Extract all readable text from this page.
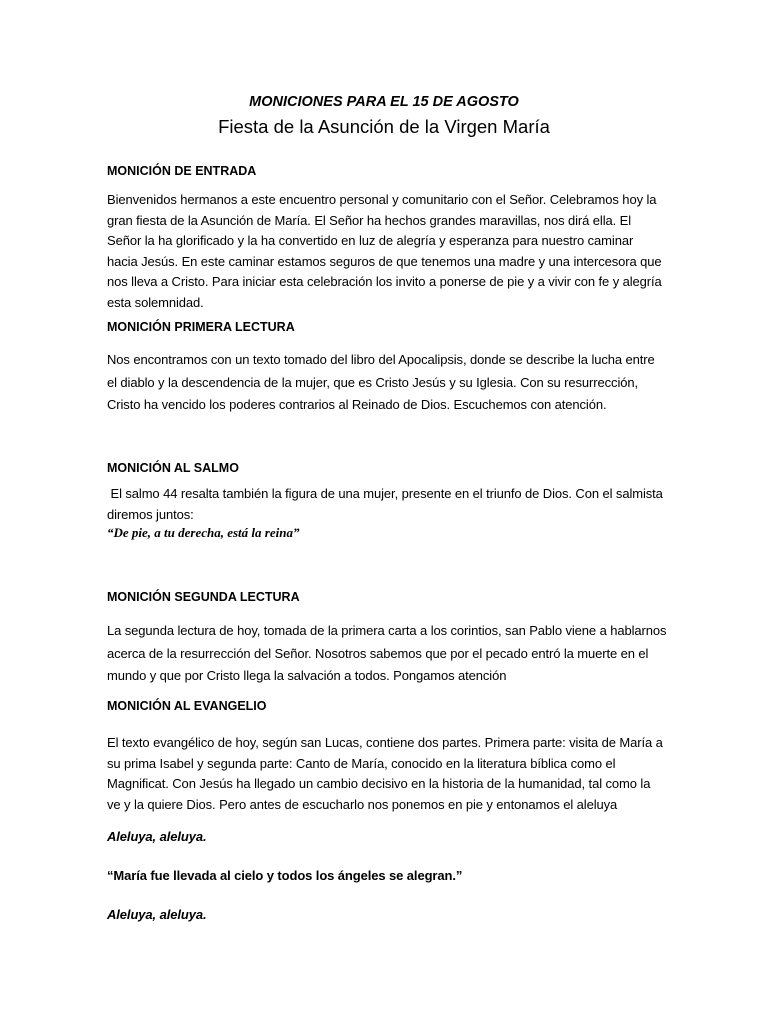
MONICIONES PARA EL 15 DE AGOSTO
Fiesta de la Asunción de la Virgen María

MONICIÓN DE ENTRADA

Bienvenidos hermanos a este encuentro personal y comunitario con el Señor. Celebramos hoy la gran fiesta de la Asunción de María. El Señor ha hechos grandes maravillas, nos dirá ella. El Señor la ha glorificado y la ha convertido en luz de alegría y esperanza para nuestro caminar hacia Jesús. En este caminar estamos seguros de que tenemos una madre y una intercesora que nos lleva a Cristo. Para iniciar esta celebración los invito a ponerse de pie y a vivir con fe y alegría esta solemnidad.

MONICIÓN PRIMERA LECTURA

Nos encontramos con un texto tomado del libro del Apocalipsis, donde se describe la lucha entre el diablo y la descendencia de la mujer, que es Cristo Jesús y su Iglesia. Con su resurrección, Cristo ha vencido los poderes contrarios al Reinado de Dios. Escuchemos con atención.

MONICIÓN AL SALMO

El salmo 44 resalta también la figura de una mujer, presente en el triunfo de Dios. Con el salmista diremos juntos:

“De pie, a tu derecha, está la reina”

MONICIÓN SEGUNDA LECTURA

La segunda lectura de hoy, tomada de la primera carta a los corintios, san Pablo viene a hablarnos acerca de la resurrección del Señor. Nosotros sabemos que por el pecado entró la muerte en el mundo y que por Cristo llega la salvación a todos. Pongamos atención

MONICIÓN AL EVANGELIO

El texto evangélico de hoy, según san Lucas, contiene dos partes. Primera parte: visita de María a su prima Isabel y segunda parte: Canto de María, conocido en la literatura bíblica como el Magnificat. Con Jesús ha llegado un cambio decisivo en la historia de la humanidad, tal como la ve y la quiere Dios. Pero antes de escucharlo nos ponemos en pie y entonamos el aleluya

Aleluya, aleluya.

“María fue llevada al cielo y todos los ángeles se alegran.”

Aleluya, aleluya.
